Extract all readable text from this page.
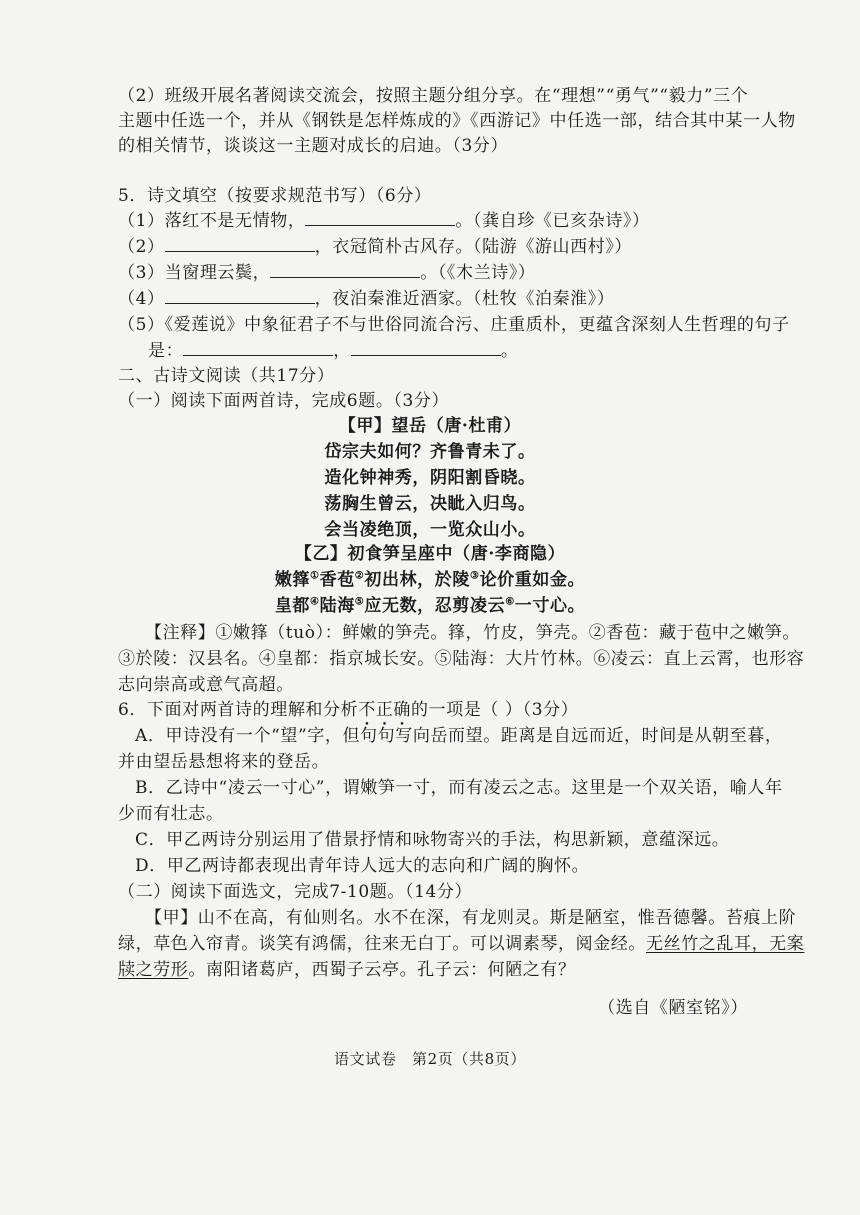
（2）班级开展名著阅读交流会，按照主题分组分享。在“理想”“勇气”“毅力”三个
主题中任选一个，并从《钢铁是怎样炼成的》《西游记》中任选一部，结合其中某一人物
的相关情节，谈谈这一主题对成长的启迪。（3分）
5．诗文填空（按要求规范书写）（6分）
（1）落红不是无情物，	。（龚自珍《已亥杂诗》）
（2）	，衣冠简朴古风存。（陆游《游山西村》）
（3）当窗理云鬓，	。（《木兰诗》）
（4）	，夜泊秦淮近酒家。（杜牧《泊秦淮》）
（5）《爱莲说》中象征君子不与世俗同流合污、庄重质朴，更蕴含深刻人生哲理的句子
是：	，	。
二、古诗文阅读（共17分）
（一）阅读下面两首诗，完成6题。（3分）
【甲】望岳（唐·杜甫）
岱宗夫如何？齐鲁青未了。
造化钟神秀，阴阳割昏晓。
荡胸生曾云，决眦入归鸟。
会当凌绝顶，一览众山小。
【乙】初食笋呈座中（唐·李商隐）
嫩箨①香苞②初出林，於陵③论价重如金。
皇都④陆海⑤应无数，忍剪凌云⑥一寸心。
【注释】①嫩箨（tuò）：鲜嫩的笋壳。箨，竹皮，笋壳。②香苞：藏于苞中之嫩笋。
③於陵：汉县名。④皇都：指京城长安。⑤陆海：大片竹林。⑥凌云：直上云霄，也形容
志向崇高或意气高超。
6．下面对两首诗的理解和分析不正确的一项是（ ）（3分）
A．甲诗没有一个“望”字，但句句写向岳而望。距离是自远而近，时间是从朝至暮，
并由望岳悬想将来的登岳。
B．乙诗中“凌云一寸心”，谓嫩笋一寸，而有凌云之志。这里是一个双关语，喻人年
少而有壮志。
C．甲乙两诗分别运用了借景抒情和咏物寄兴的手法，构思新颖，意蕴深远。
D．甲乙两诗都表现出青年诗人远大的志向和广阔的胸怀。
（二）阅读下面选文，完成7-10题。（14分）
【甲】山不在高，有仙则名。水不在深，有龙则灵。斯是陋室，惟吾德馨。苔痕上阶
绿，草色入帘青。谈笑有鸿儒，往来无白丁。可以调素琴，阅金经。无丝竹之乱耳，无案
牍之劳形。南阳诸葛庐，西蜀子云亭。孔子云：何陋之有？
（选自《陋室铭》）
语文试卷　第2页（共8页）
